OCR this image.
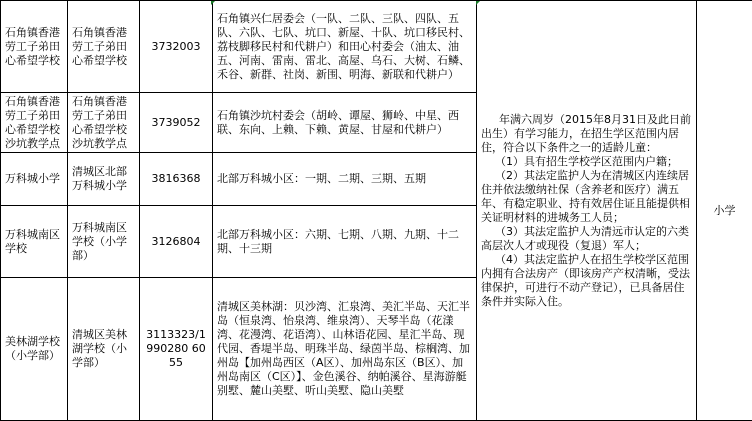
石角镇香港劳工子弟田心希望学校	石角镇香港劳工子弟田心希望学校	3732003	石角镇兴仁居委会（一队、二队、三队、四队、五队、六队、七队、坑口、新屋、十队、坑口移民村、荔枝脚移民村和代耕户）和田心村委会（油太、油五、河南、雷南、雷北、高屋、乌石、大树、石鳞、禾谷、新群、社岗、新围、明海、新联和代耕户）	年满六周岁（2015年8月31日及此日前出生）有学习能力，在招生学区范围内居住，符合以下条件之一的适龄儿童：
（1）具有招生学校学区范围内户籍；
（2）其法定监护人为在清城区内连续居住并依法缴纳社保（含养老和医疗）满五年、有稳定职业、持有效居住证且能提供相关证明材料的进城务工人员；
（3）其法定监护人为清远市认定的六类高层次人才或现役（复退）军人；
（4）其法定监护人在招生学校学区范围内拥有合法房产（即该房产产权清晰，受法律保护，可进行不动产登记），已具备居住条件并实际入住。	小学
石角镇香港劳工子弟田心希望学校沙坑教学点	石角镇香港劳工子弟田心希望学校沙坑教学点	3739052	石角镇沙坑村委会（胡岭、谭屋、狮岭、中星、西联、东向、上赖、下赖、黄屋、甘屋和代耕户）		
万科城小学	清城区北部万科城小学	3816368	北部万科城小区：一期、二期、三期、五期		
万科城南区学校	万科城南区学校（小学部）	3126804	北部万科城小区：六期、七期、八期、九期、十二期、十三期		
美林湖学校（小学部）	清城区美林湖学校（小学部）	3113323/1990280 6055	清城区美林湖：贝沙湾、汇泉湾、美汇半岛、天汇半岛（恒泉湾、怡泉湾、维泉湾）、天琴半岛（花漾湾、花漫湾、花语湾）、山林语花园、星汇半岛、现代园、香堤半岛、明珠半岛、绿茵半岛、棕榈湾、加州岛【加州岛西区（A区）、加州岛东区（B区）、加州岛南区（C区）】、金色溪谷、纳帕溪谷、星海游艇别墅、麓山美墅、听山美墅、隐山美墅		
